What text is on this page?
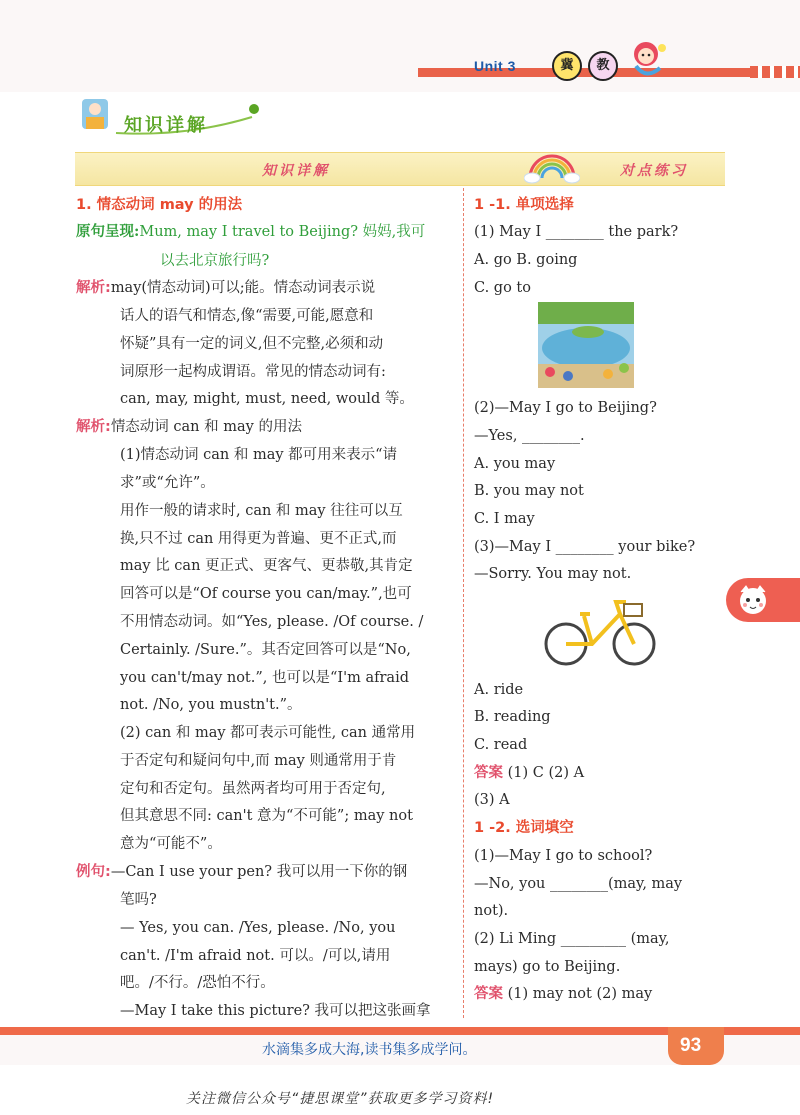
Unit 3	冀	教
知识详解
知识详解	对点练习
1. 情态动词 may 的用法
原句呈现:Mum, may I travel to Beijing? 妈妈,我可
以去北京旅行吗?
解析:may(情态动词)可以;能。情态动词表示说
话人的语气和情态,像“需要,可能,愿意和
怀疑”具有一定的词义,但不完整,必须和动
词原形一起构成谓语。常见的情态动词有:
can, may, might, must, need, would 等。
解析:情态动词 can 和 may 的用法
(1)情态动词 can 和 may 都可用来表示“请
求”或“允许”。
用作一般的请求时, can 和 may 往往可以互
换,只不过 can 用得更为普遍、更不正式,而
may 比 can 更正式、更客气、更恭敬,其肯定
回答可以是“Of course you can/may.”,也可
不用情态动词。如“Yes, please. /Of course. /
Certainly. /Sure.”。其否定回答可以是“No,
you can't/may not.”, 也可以是“I'm afraid
not. /No, you mustn't.”。
(2) can 和 may 都可表示可能性, can 通常用
于否定句和疑问句中,而 may 则通常用于肯
定句和否定句。虽然两者均可用于否定句,
但其意思不同: can't 意为“不可能”; may not
意为“可能不”。
例句:—Can I use your pen? 我可以用一下你的钢
笔吗?
— Yes, you can. /Yes, please. /No, you
can't. /I'm afraid not. 可以。/可以,请用
吧。/不行。/恐怕不行。
—May I take this picture? 我可以把这张画拿
1 -1. 单项选择
(1) May I ________ the park?
A. go B. going
C. go to
(2)—May I go to Beijing?
—Yes, ________.
A. you may
B. you may not
C. I may
(3)—May I ________ your bike?
—Sorry. You may not.
A. ride
B. reading
C. read
答案 (1) C (2) A
(3) A
1 -2. 选词填空
(1)—May I go to school?
—No, you ________(may, may
not).
(2) Li Ming _________ (may,
mays) go to Beijing.
答案 (1) may not (2) may
水滴集多成大海,读书集多成学问。	93
关注微信公众号“捷思课堂”获取更多学习资料!
